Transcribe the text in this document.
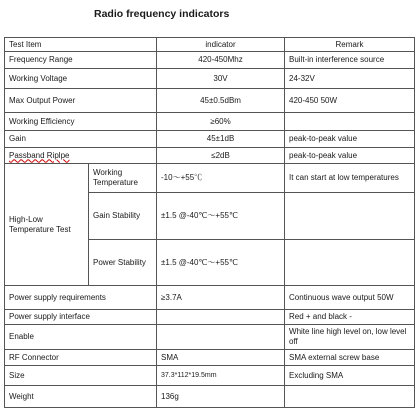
Radio frequency indicators
Test Item		indicator	Remark
Frequency Range		420-450Mhz	Built-in interference source
Working Voltage		30V	24-32V
Max Output Power		45±0.5dBm	420-450 50W
Working Efficiency		≥60%	
Gain		45±1dB	peak-to-peak value
Passband Riplpe		≤2dB	peak-to-peak value
High-Low Temperature Test	Working Temperature	-10～+55℃	It can start at low temperatures
	Gain Stability	±1.5 @-40℃～+55℃	
	Power Stability	±1.5 @-40℃～+55℃	
Power supply requirements		≥3.7A	Continuous wave output 50W
Power supply interface			Red + and black -
Enable			White line high level on, low level off
RF Connector		SMA	SMA external screw base
Size		37.3*112*19.5mm	Excluding SMA
Weight		136g	
